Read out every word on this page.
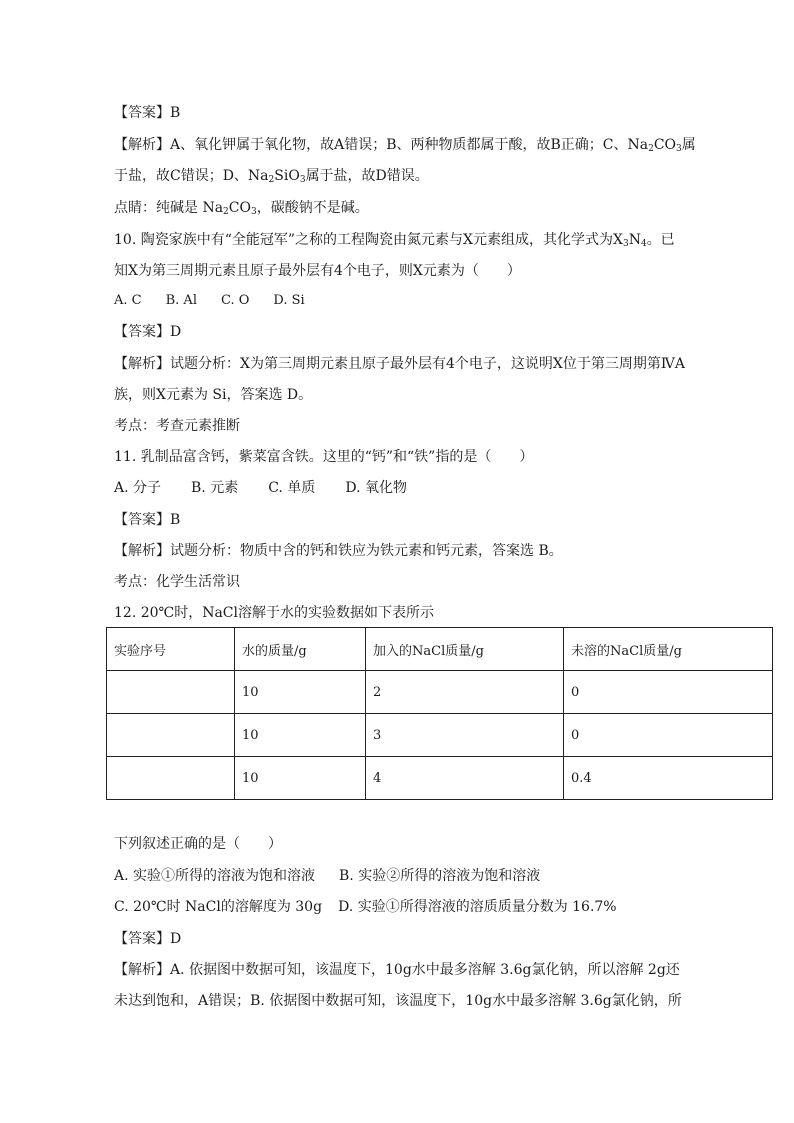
【答案】B
【解析】A、氧化钾属于氧化物，故A错误；B、两种物质都属于酸，故B正确；C、$Na_2CO_3$属
于盐，故C错误；D、$Na_2SiO_3$属于盐，故D错误。
点睛：纯碱是 $Na_2CO_3$，碳酸钠不是碱。
10. 陶瓷家族中有“全能冠军”之称的工程陶瓷由氮元素与X元素组成，其化学式为$X_3N_4$。已
知X为第三周期元素且原子最外层有4个电子，则X元素为（　　）
A. C B. Al C. O D. Si
【答案】D
【解析】试题分析：X为第三周期元素且原子最外层有4个电子，这说明X位于第三周期第ⅣA
族，则X元素为 Si，答案选 D。
考点：考查元素推断
11. 乳制品富含钙，紫菜富含铁。这里的“钙”和“铁”指的是（　　）
A. 分子 B. 元素 C. 单质 D. 氧化物
【答案】B
【解析】试题分析：物质中含的钙和铁应为铁元素和钙元素，答案选 B。
考点：化学生活常识
12. 20℃时，NaCl溶解于水的实验数据如下表所示
实验序号	水的质量/g	加入的NaCl质量/g	未溶的NaCl质量/g
	10	2	0
	10	3	0
	10	4	0.4
下列叙述正确的是（　　）
A. 实验①所得的溶液为饱和溶液 B. 实验②所得的溶液为饱和溶液
C. 20℃时 NaCl的溶解度为 30g D. 实验①所得溶液的溶质质量分数为 16.7%
【答案】D
【解析】A. 依据图中数据可知，该温度下，10g水中最多溶解 3.6g氯化钠，所以溶解 2g还
未达到饱和，A错误；B. 依据图中数据可知，该温度下，10g水中最多溶解 3.6g氯化钠，所
